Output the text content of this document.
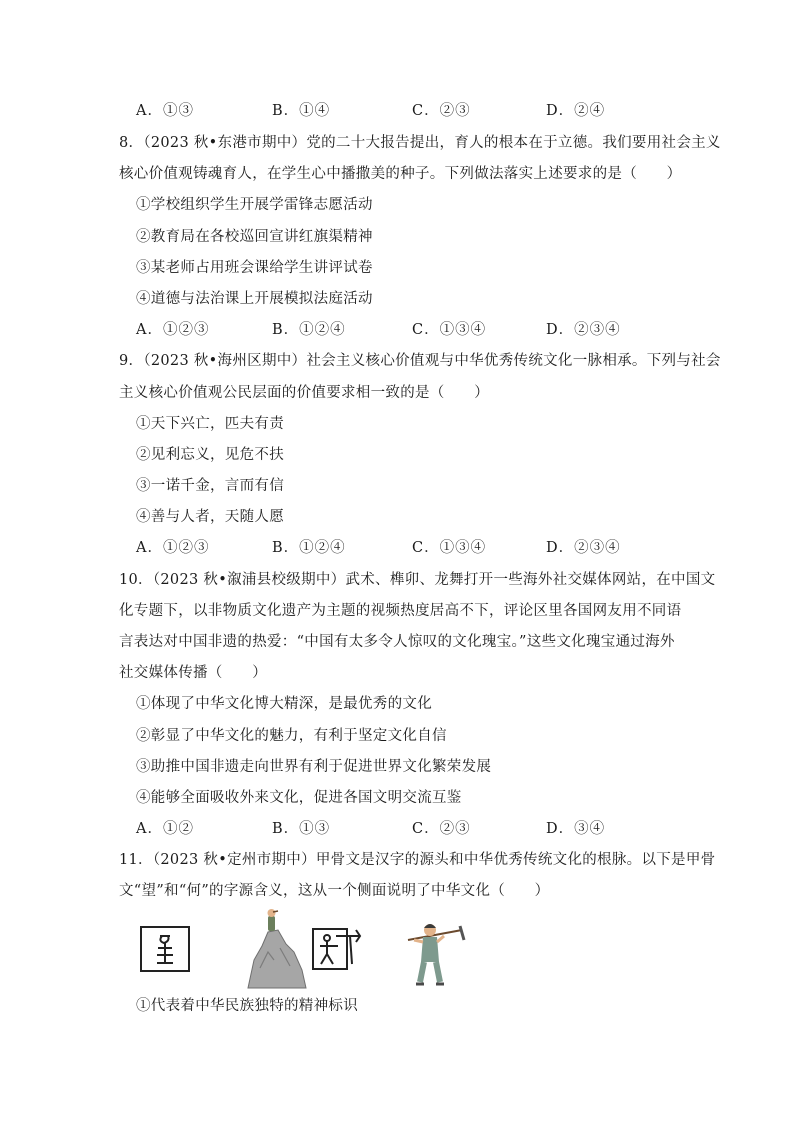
A．①③	B．①④	C．②③	D．②④
8．（2023 秋•东港市期中）党的二十大报告提出，育人的根本在于立德。我们要用社会主义
核心价值观铸魂育人，在学生心中播撒美的种子。下列做法落实上述要求的是（　　）
①学校组织学生开展学雷锋志愿活动
②教育局在各校巡回宣讲红旗渠精神
③某老师占用班会课给学生讲评试卷
④道德与法治课上开展模拟法庭活动
A．①②③	B．①②④	C．①③④	D．②③④
9．（2023 秋•海州区期中）社会主义核心价值观与中华优秀传统文化一脉相承。下列与社会
主义核心价值观公民层面的价值要求相一致的是（　　）
①天下兴亡，匹夫有责
②见利忘义，见危不扶
③一诺千金，言而有信
④善与人者，天随人愿
A．①②③	B．①②④	C．①③④	D．②③④
10．（2023 秋•溆浦县校级期中）武术、榫卯、龙舞打开一些海外社交媒体网站，在中国文
化专题下，以非物质文化遗产为主题的视频热度居高不下，评论区里各国网友用不同语
言表达对中国非遗的热爱：“中国有太多令人惊叹的文化瑰宝。”这些文化瑰宝通过海外
社交媒体传播（　　）
①体现了中华文化博大精深，是最优秀的文化
②彰显了中华文化的魅力，有利于坚定文化自信
③助推中国非遗走向世界有利于促进世界文化繁荣发展
④能够全面吸收外来文化，促进各国文明交流互鉴
A．①②	B．①③	C．②③	D．③④
11．（2023 秋•定州市期中）甲骨文是汉字的源头和中华优秀传统文化的根脉。以下是甲骨
文“望”和“何”的字源含义，这从一个侧面说明了中华文化（　　）
①代表着中华民族独特的精神标识
